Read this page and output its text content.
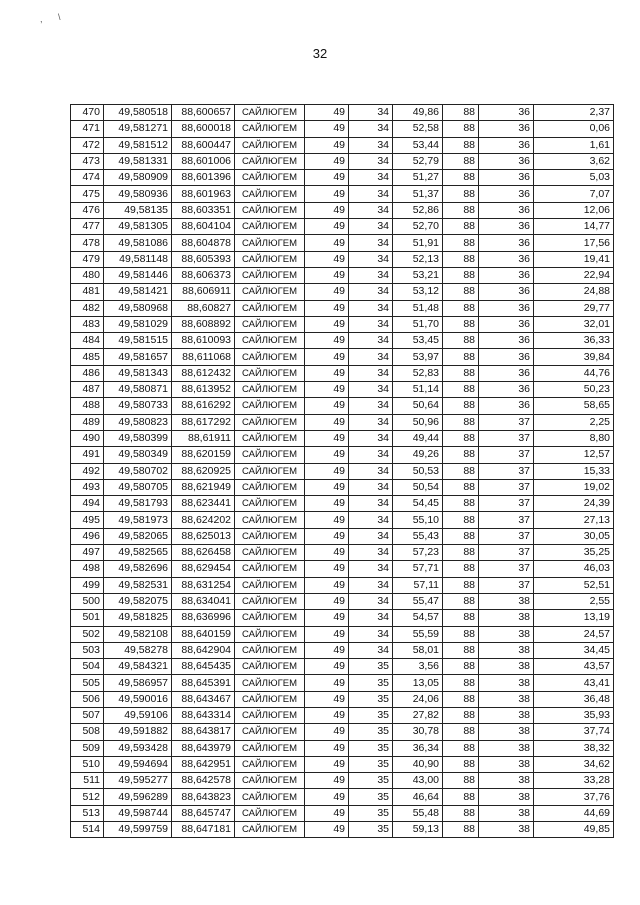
, \
32
470	49,580518	88,600657	САЙЛЮГЕМ	49	34	49,86	88	36	2,37
471	49,581271	88,600018	САЙЛЮГЕМ	49	34	52,58	88	36	0,06
472	49,581512	88,600447	САЙЛЮГЕМ	49	34	53,44	88	36	1,61
473	49,581331	88,601006	САЙЛЮГЕМ	49	34	52,79	88	36	3,62
474	49,580909	88,601396	САЙЛЮГЕМ	49	34	51,27	88	36	5,03
475	49,580936	88,601963	САЙЛЮГЕМ	49	34	51,37	88	36	7,07
476	49,58135	88,603351	САЙЛЮГЕМ	49	34	52,86	88	36	12,06
477	49,581305	88,604104	САЙЛЮГЕМ	49	34	52,70	88	36	14,77
478	49,581086	88,604878	САЙЛЮГЕМ	49	34	51,91	88	36	17,56
479	49,581148	88,605393	САЙЛЮГЕМ	49	34	52,13	88	36	19,41
480	49,581446	88,606373	САЙЛЮГЕМ	49	34	53,21	88	36	22,94
481	49,581421	88,606911	САЙЛЮГЕМ	49	34	53,12	88	36	24,88
482	49,580968	88,60827	САЙЛЮГЕМ	49	34	51,48	88	36	29,77
483	49,581029	88,608892	САЙЛЮГЕМ	49	34	51,70	88	36	32,01
484	49,581515	88,610093	САЙЛЮГЕМ	49	34	53,45	88	36	36,33
485	49,581657	88,611068	САЙЛЮГЕМ	49	34	53,97	88	36	39,84
486	49,581343	88,612432	САЙЛЮГЕМ	49	34	52,83	88	36	44,76
487	49,580871	88,613952	САЙЛЮГЕМ	49	34	51,14	88	36	50,23
488	49,580733	88,616292	САЙЛЮГЕМ	49	34	50,64	88	36	58,65
489	49,580823	88,617292	САЙЛЮГЕМ	49	34	50,96	88	37	2,25
490	49,580399	88,61911	САЙЛЮГЕМ	49	34	49,44	88	37	8,80
491	49,580349	88,620159	САЙЛЮГЕМ	49	34	49,26	88	37	12,57
492	49,580702	88,620925	САЙЛЮГЕМ	49	34	50,53	88	37	15,33
493	49,580705	88,621949	САЙЛЮГЕМ	49	34	50,54	88	37	19,02
494	49,581793	88,623441	САЙЛЮГЕМ	49	34	54,45	88	37	24,39
495	49,581973	88,624202	САЙЛЮГЕМ	49	34	55,10	88	37	27,13
496	49,582065	88,625013	САЙЛЮГЕМ	49	34	55,43	88	37	30,05
497	49,582565	88,626458	САЙЛЮГЕМ	49	34	57,23	88	37	35,25
498	49,582696	88,629454	САЙЛЮГЕМ	49	34	57,71	88	37	46,03
499	49,582531	88,631254	САЙЛЮГЕМ	49	34	57,11	88	37	52,51
500	49,582075	88,634041	САЙЛЮГЕМ	49	34	55,47	88	38	2,55
501	49,581825	88,636996	САЙЛЮГЕМ	49	34	54,57	88	38	13,19
502	49,582108	88,640159	САЙЛЮГЕМ	49	34	55,59	88	38	24,57
503	49,58278	88,642904	САЙЛЮГЕМ	49	34	58,01	88	38	34,45
504	49,584321	88,645435	САЙЛЮГЕМ	49	35	3,56	88	38	43,57
505	49,586957	88,645391	САЙЛЮГЕМ	49	35	13,05	88	38	43,41
506	49,590016	88,643467	САЙЛЮГЕМ	49	35	24,06	88	38	36,48
507	49,59106	88,643314	САЙЛЮГЕМ	49	35	27,82	88	38	35,93
508	49,591882	88,643817	САЙЛЮГЕМ	49	35	30,78	88	38	37,74
509	49,593428	88,643979	САЙЛЮГЕМ	49	35	36,34	88	38	38,32
510	49,594694	88,642951	САЙЛЮГЕМ	49	35	40,90	88	38	34,62
511	49,595277	88,642578	САЙЛЮГЕМ	49	35	43,00	88	38	33,28
512	49,596289	88,643823	САЙЛЮГЕМ	49	35	46,64	88	38	37,76
513	49,598744	88,645747	САЙЛЮГЕМ	49	35	55,48	88	38	44,69
514	49,599759	88,647181	САЙЛЮГЕМ	49	35	59,13	88	38	49,85
